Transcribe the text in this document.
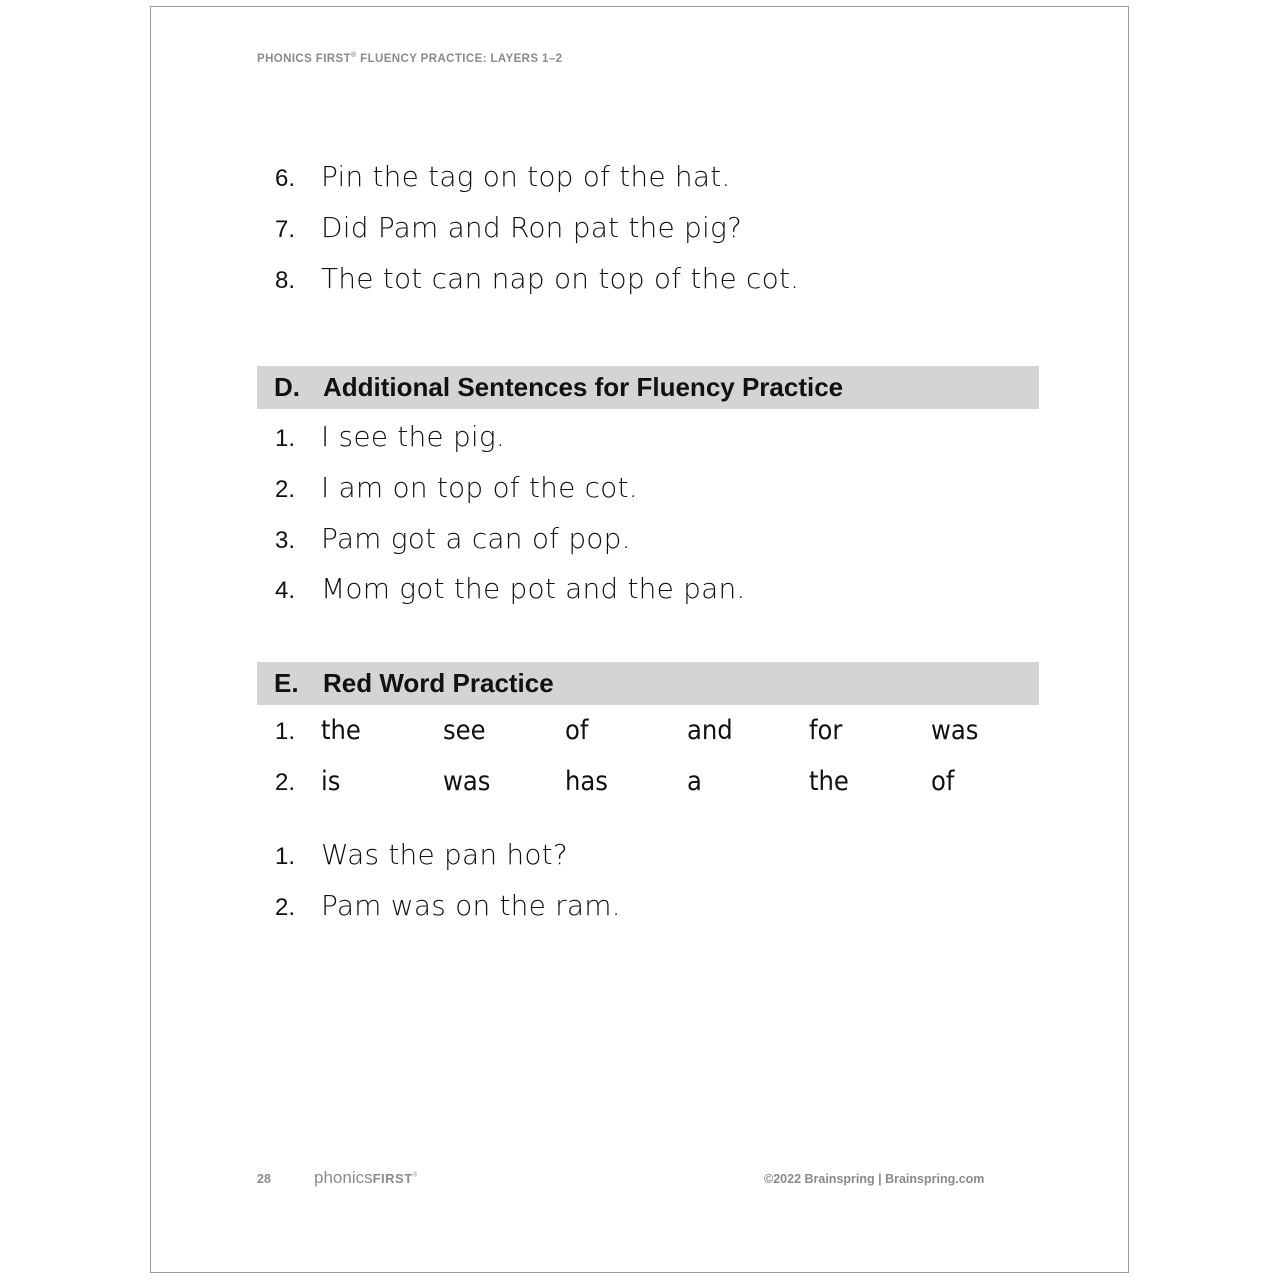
PHONICS FIRST® FLUENCY PRACTICE: LAYERS 1–2
6. Pin the tag on top of the hat.
7. Did Pam and Ron pat the pig?
8. The tot can nap on top of the cot.
D. Additional Sentences for Fluency Practice
1. I see the pig.
2. I am on top of the cot.
3. Pam got a can of pop.
4. Mom got the pot and the pan.
E. Red Word Practice
1. the	see	of	and	for	was
2. is	was	has	a	the	of
1. Was the pan hot?
2. Pam was on the ram.
28	phonicsFIRST®	©2022 Brainspring | Brainspring.com
